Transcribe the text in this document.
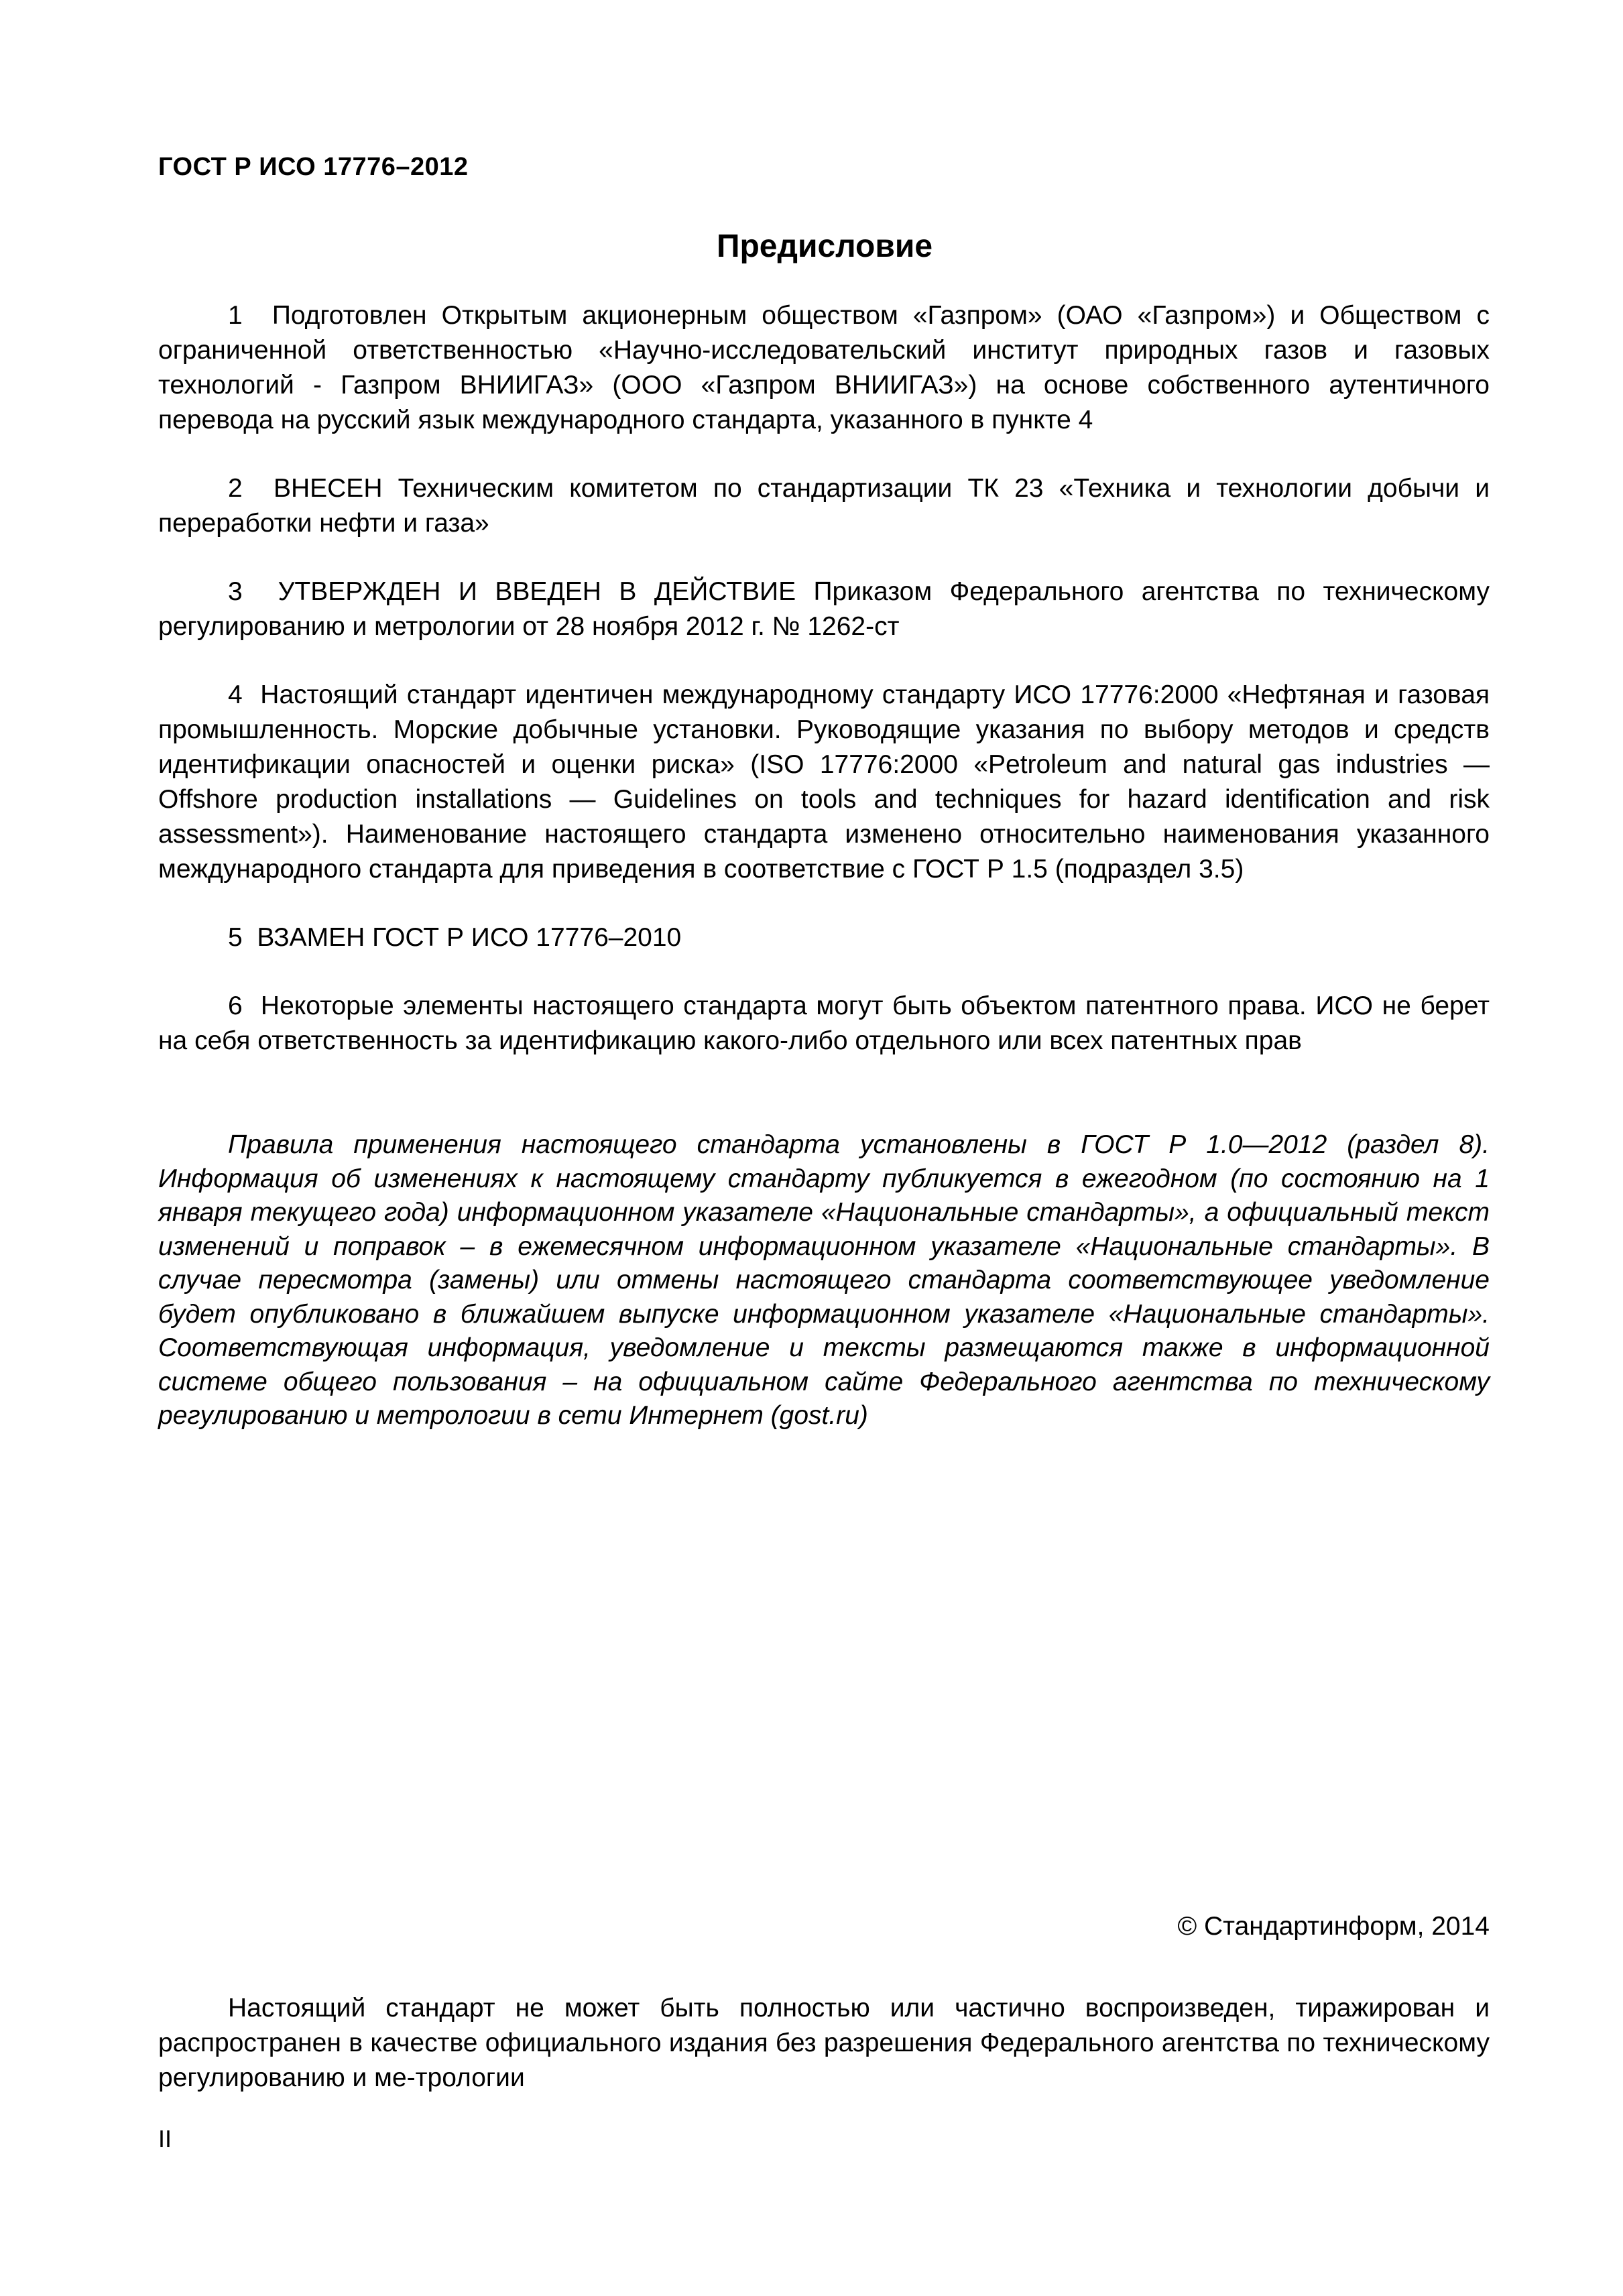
ГОСТ Р ИСО 17776–2012
Предисловие

1 Подготовлен Открытым акционерным обществом «Газпром» (ОАО «Газпром») и Обществом с ограниченной ответственностью «Научно-исследовательский институт природных газов и газовых технологий - Газпром ВНИИГАЗ» (ООО «Газпром ВНИИГАЗ») на основе собственного аутентичного перевода на русский язык международного стандарта, указанного в пункте 4

2 ВНЕСЕН Техническим комитетом по стандартизации ТК 23 «Техника и технологии добычи и переработки нефти и газа»

3 УТВЕРЖДЕН И ВВЕДЕН В ДЕЙСТВИЕ Приказом Федерального агентства по техническому регулированию и метрологии от 28 ноября 2012 г. № 1262-ст

4 Настоящий стандарт идентичен международному стандарту ИСО 17776:2000 «Нефтяная и газовая промышленность. Морские добычные установки. Руководящие указания по выбору методов и средств идентификации опасностей и оценки риска» (ISO 17776:2000 «Petroleum and natural gas industries — Offshore production installations — Guidelines on tools and techniques for hazard identification and risk assessment»). Наименование настоящего стандарта изменено относительно наименования указанного международного стандарта для приведения в соответствие с ГОСТ Р 1.5 (подраздел 3.5)

5 ВЗАМЕН ГОСТ Р ИСО 17776–2010

6 Некоторые элементы настоящего стандарта могут быть объектом патентного права. ИСО не берет на себя ответственность за идентификацию какого-либо отдельного или всех патентных прав

Правила применения настоящего стандарта установлены в ГОСТ Р 1.0—2012 (раздел 8). Информация об изменениях к настоящему стандарту публикуется в ежегодном (по состоянию на 1 января текущего года) информационном указателе «Национальные стандарты», а официальный текст изменений и поправок – в ежемесячном информационном указателе «Национальные стандарты». В случае пересмотра (замены) или отмены настоящего стандарта соответствующее уведомление будет опубликовано в ближайшем выпуске информационном указателе «Национальные стандарты». Соответствующая информация, уведомление и тексты размещаются также в информационной системе общего пользования – на официальном сайте Федерального агентства по техническому регулированию и метрологии в сети Интернет (gost.ru)

© Стандартинформ, 2014

Настоящий стандарт не может быть полностью или частично воспроизведен, тиражирован и распространен в качестве официального издания без разрешения Федерального агентства по техническому регулированию и ме-трологии

II
